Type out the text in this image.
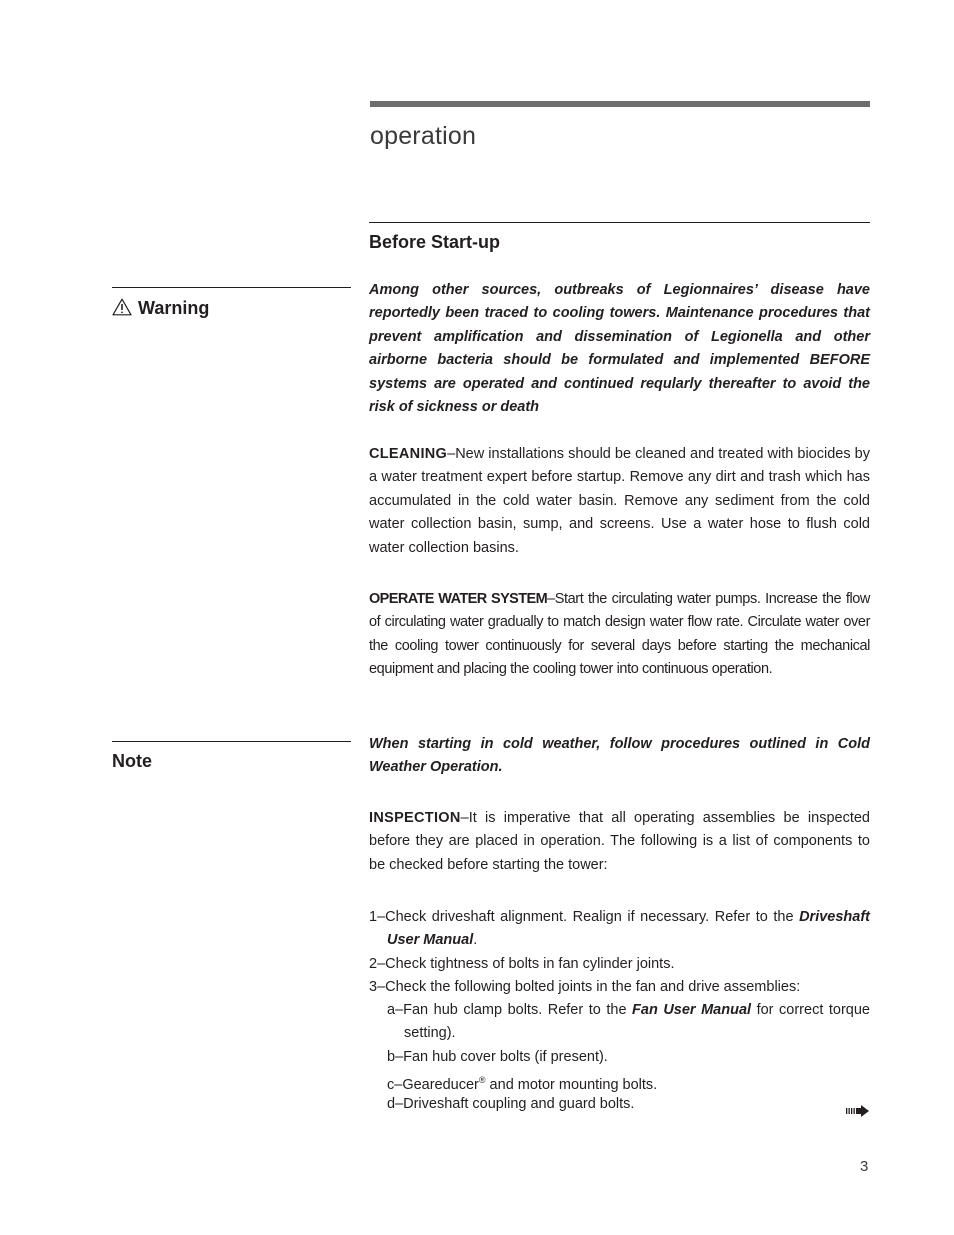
operation
Before Start-up
Warning

Among other sources, outbreaks of Legionnaires’ disease have reportedly been traced to cooling towers. Maintenance procedures that prevent amplification and dissemination of Legionella and other airborne bacteria should be formulated and implemented BEFORE systems are operated and continued reqularly thereafter to avoid the risk of sickness or death

CLEANING–New installations should be cleaned and treated with biocides by a water treatment expert before startup. Remove any dirt and trash which has accumulated in the cold water basin. Remove any sediment from the cold water collection basin, sump, and screens. Use a water hose to flush cold water collection basins.

OPERATE WATER SYSTEM–Start the circulating water pumps. Increase the flow of circulating water gradually to match design water flow rate. Circulate water over the cooling tower continuously for several days before starting the mechanical equipment and placing the cooling tower into continuous operation.

Note

When starting in cold weather, follow procedures outlined in Cold Weather Operation.

INSPECTION–It is imperative that all operating assemblies be inspected before they are placed in operation. The following is a list of components to be checked before starting the tower:

1–Check driveshaft alignment. Realign if necessary. Refer to the Driveshaft User Manual.
2–Check tightness of bolts in fan cylinder joints.
3–Check the following bolted joints in the fan and drive assemblies:
a–Fan hub clamp bolts. Refer to the Fan User Manual for correct torque setting).
b–Fan hub cover bolts (if present).
c–Geareducer® and motor mounting bolts.
d–Driveshaft coupling and guard bolts.
3
